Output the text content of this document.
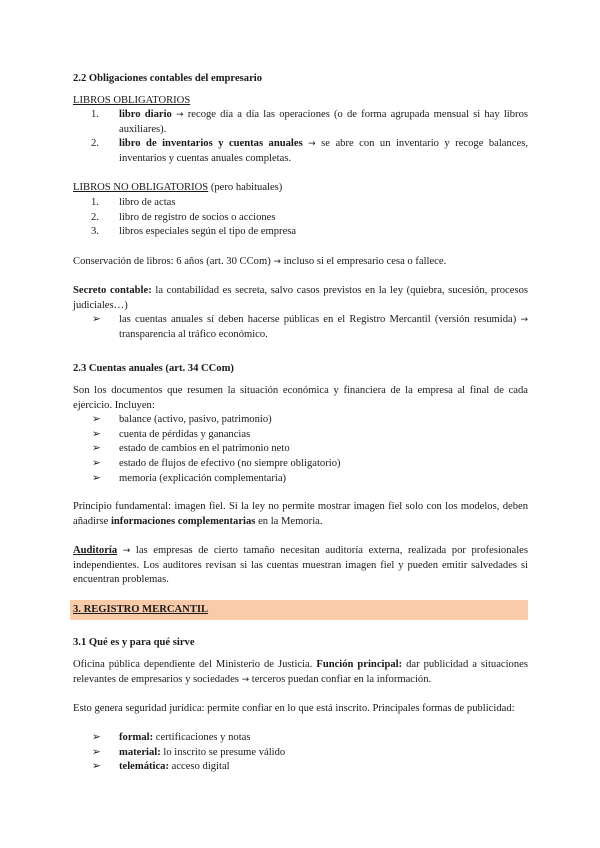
2.2 Obligaciones contables del empresario
LIBROS OBLIGATORIOS
1. libro diario → recoge día a día las operaciones (o de forma agrupada mensual si hay libros auxiliares).
2. libro de inventarios y cuentas anuales → se abre con un inventario y recoge balances, inventarios y cuentas anuales completas.
LIBROS NO OBLIGATORIOS (pero habituales)
1. libro de actas
2. libro de registro de socios o acciones
3. libros especiales según el tipo de empresa
Conservación de libros: 6 años (art. 30 CCom) → incluso si el empresario cesa o fallece.
Secreto contable: la contabilidad es secreta, salvo casos previstos en la ley (quiebra, sucesión, procesos judiciales…)
➢ las cuentas anuales sí deben hacerse públicas en el Registro Mercantil (versión resumida) → transparencia al tráfico económico.
2.3 Cuentas anuales (art. 34 CCom)
Son los documentos que resumen la situación económica y financiera de la empresa al final de cada ejercicio. Incluyen:
➢ balance (activo, pasivo, patrimonio)
➢ cuenta de pérdidas y ganancias
➢ estado de cambios en el patrimonio neto
➢ estado de flujos de efectivo (no siempre obligatorio)
➢ memoria (explicación complementaria)
Principio fundamental: imagen fiel. Si la ley no permite mostrar imagen fiel solo con los modelos, deben añadirse informaciones complementarias en la Memoria.
Auditoría → las empresas de cierto tamaño necesitan auditoría externa, realizada por profesionales independientes. Los auditores revisan si las cuentas muestran imagen fiel y pueden emitir salvedades si encuentran problemas.
3. REGISTRO MERCANTIL
3.1 Qué es y para qué sirve
Oficina pública dependiente del Ministerio de Justicia. Función principal: dar publicidad a situaciones relevantes de empresarios y sociedades → terceros puedan confiar en la información.
Esto genera seguridad jurídica: permite confiar en lo que está inscrito. Principales formas de publicidad:
➢ formal: certificaciones y notas
➢ material: lo inscrito se presume válido
➢ telemática: acceso digital
